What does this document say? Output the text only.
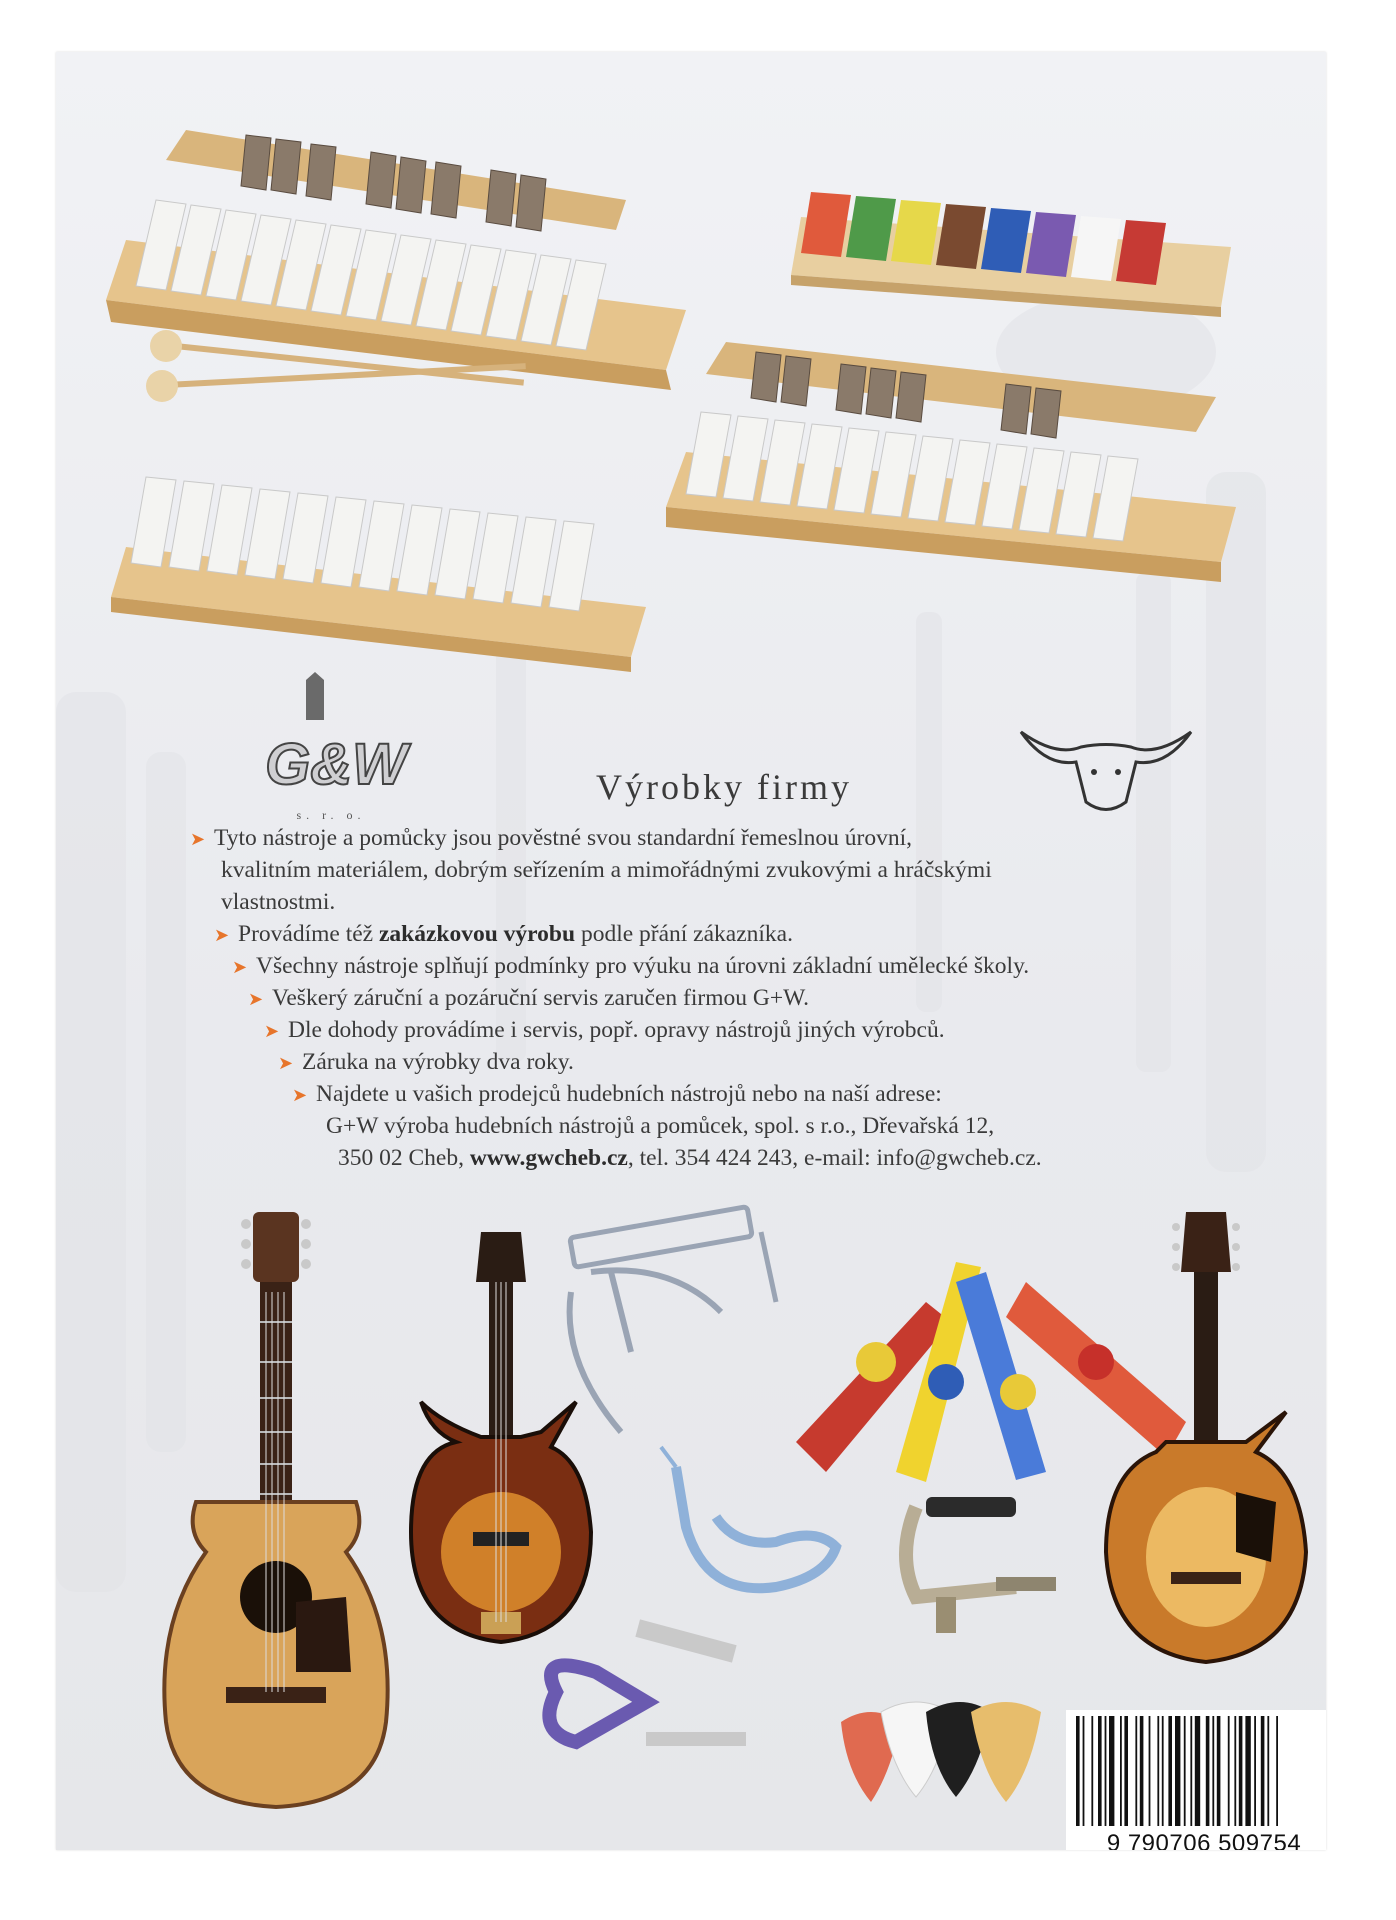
G&W
s. r. o.
Výrobky firmy
➤ Tyto nástroje a pomůcky jsou pověstné svou standardní řemeslnou úrovní,
kvalitním materiálem, dobrým seřízením a mimořádnými zvukovými a hráčskými
vlastnostmi.
➤ Provádíme též zakázkovou výrobu podle přání zákazníka.
➤ Všechny nástroje splňují podmínky pro výuku na úrovni základní umělecké školy.
➤ Veškerý záruční a pozáruční servis zaručen firmou G+W.
➤ Dle dohody provádíme i servis, popř. opravy nástrojů jiných výrobců.
➤ Záruka na výrobky dva roky.
➤ Najdete u vašich prodejců hudebních nástrojů nebo na naší adrese:
G+W výroba hudebních nástrojů a pomůcek, spol. s r.o., Dřevařská 12,
350 02 Cheb, www.gwcheb.cz, tel. 354 424 243, e-mail: info@gwcheb.cz.
9 790706 509754
